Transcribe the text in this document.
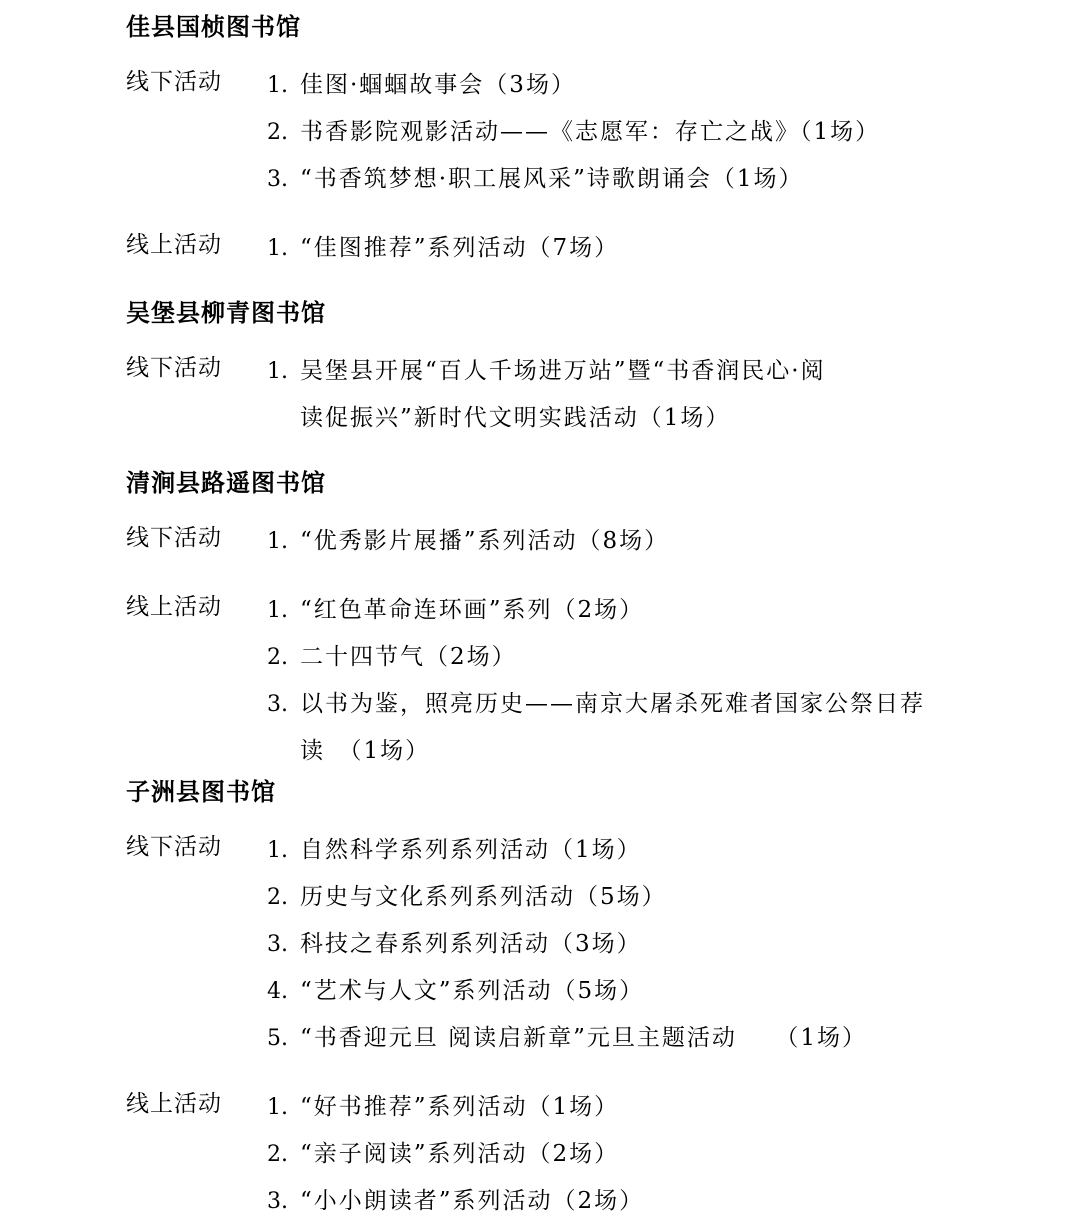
佳县国桢图书馆
线下活动	1. 佳图·蝈蝈故事会（3场）
2. 书香影院观影活动——《志愿军：存亡之战》（1场）
3. “书香筑梦想·职工展风采”诗歌朗诵会（1场）
线上活动	1. “佳图推荐”系列活动（7场）
吴堡县柳青图书馆
线下活动	1. 吴堡县开展“百人千场进万站”暨“书香润民心·阅
读促振兴”新时代文明实践活动（1场）
清涧县路遥图书馆
线下活动	1. “优秀影片展播”系列活动（8场）
线上活动	1. “红色革命连环画”系列（2场）
2. 二十四节气（2场）
3. 以书为鉴，照亮历史——南京大屠杀死难者国家公祭日荐
读　（1场）
子洲县图书馆
线下活动	1. 自然科学系列系列活动（1场）
2. 历史与文化系列系列活动（5场）
3. 科技之春系列系列活动（3场）
4. “艺术与人文”系列活动（5场）
5. “书香迎元旦 阅读启新章”元旦主题活动　　（1场）
线上活动	1. “好书推荐”系列活动（1场）
2. “亲子阅读”系列活动（2场）
3. “小小朗读者”系列活动（2场）
